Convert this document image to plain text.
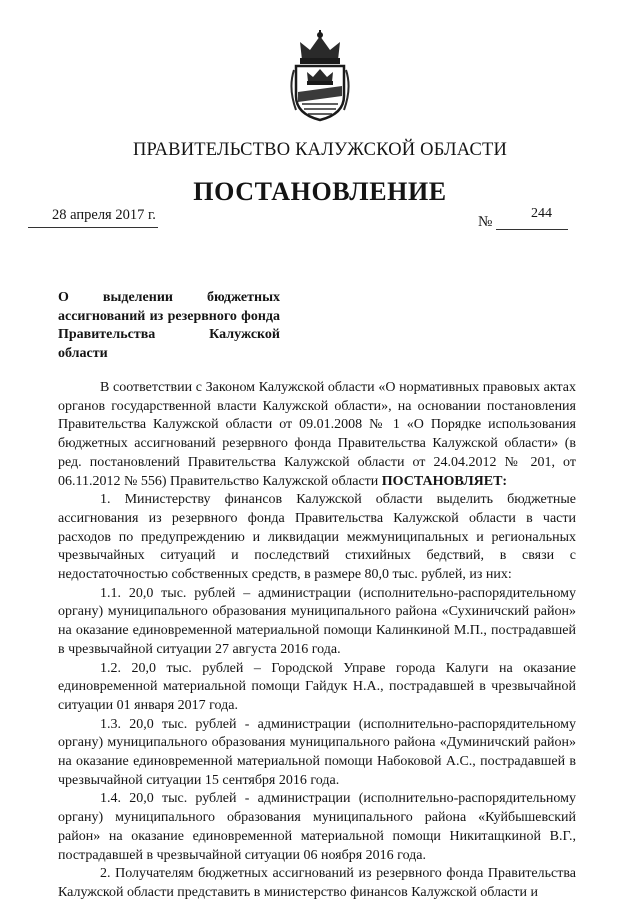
ПРАВИТЕЛЬСТВО КАЛУЖСКОЙ ОБЛАСТИ
ПОСТАНОВЛЕНИЕ
28 апреля 2017 г.	№
244
О выделении бюджетных
ассигнований из резервного фонда
Правительства Калужской
области

В соответствии с Законом Калужской области «О нормативных правовых актах органов государственной власти Калужской области», на основании постановления Правительства Калужской области от 09.01.2008 № 1 «О Порядке использования бюджетных ассигнований резервного фонда Правительства Калужской области» (в ред. постановлений Правительства Калужской области от 24.04.2012 № 201, от 06.11.2012 № 556) Правительство Калужской области ПОСТАНОВЛЯЕТ:

1. Министерству финансов Калужской области выделить бюджетные ассигнования из резервного фонда Правительства Калужской области в части расходов по предупреждению и ликвидации межмуниципальных и региональных чрезвычайных ситуаций и последствий стихийных бедствий, в связи с недостаточностью собственных средств, в размере 80,0 тыс. рублей, из них:

1.1. 20,0 тыс. рублей – администрации (исполнительно-распорядительному органу) муниципального образования муниципального района «Сухиничский район» на оказание единовременной материальной помощи Калинкиной М.П., пострадавшей в чрезвычайной ситуации 27 августа 2016 года.

1.2. 20,0 тыс. рублей – Городской Управе города Калуги на оказание единовременной материальной помощи Гайдук Н.А., пострадавшей в чрезвычайной ситуации 01 января 2017 года.

1.3. 20,0 тыс. рублей - администрации (исполнительно-распорядительному органу) муниципального образования муниципального района «Думиничский район» на оказание единовременной материальной помощи Набоковой А.С., пострадавшей в чрезвычайной ситуации 15 сентября 2016 года.

1.4. 20,0 тыс. рублей - администрации (исполнительно-распорядительному органу) муниципального образования муниципального района «Куйбышевский район» на оказание единовременной материальной помощи Никитащкиной В.Г., пострадавшей в чрезвычайной ситуации 06 ноября 2016 года.

2. Получателям бюджетных ассигнований из резервного фонда Правительства Калужской области представить в министерство финансов Калужской области и
